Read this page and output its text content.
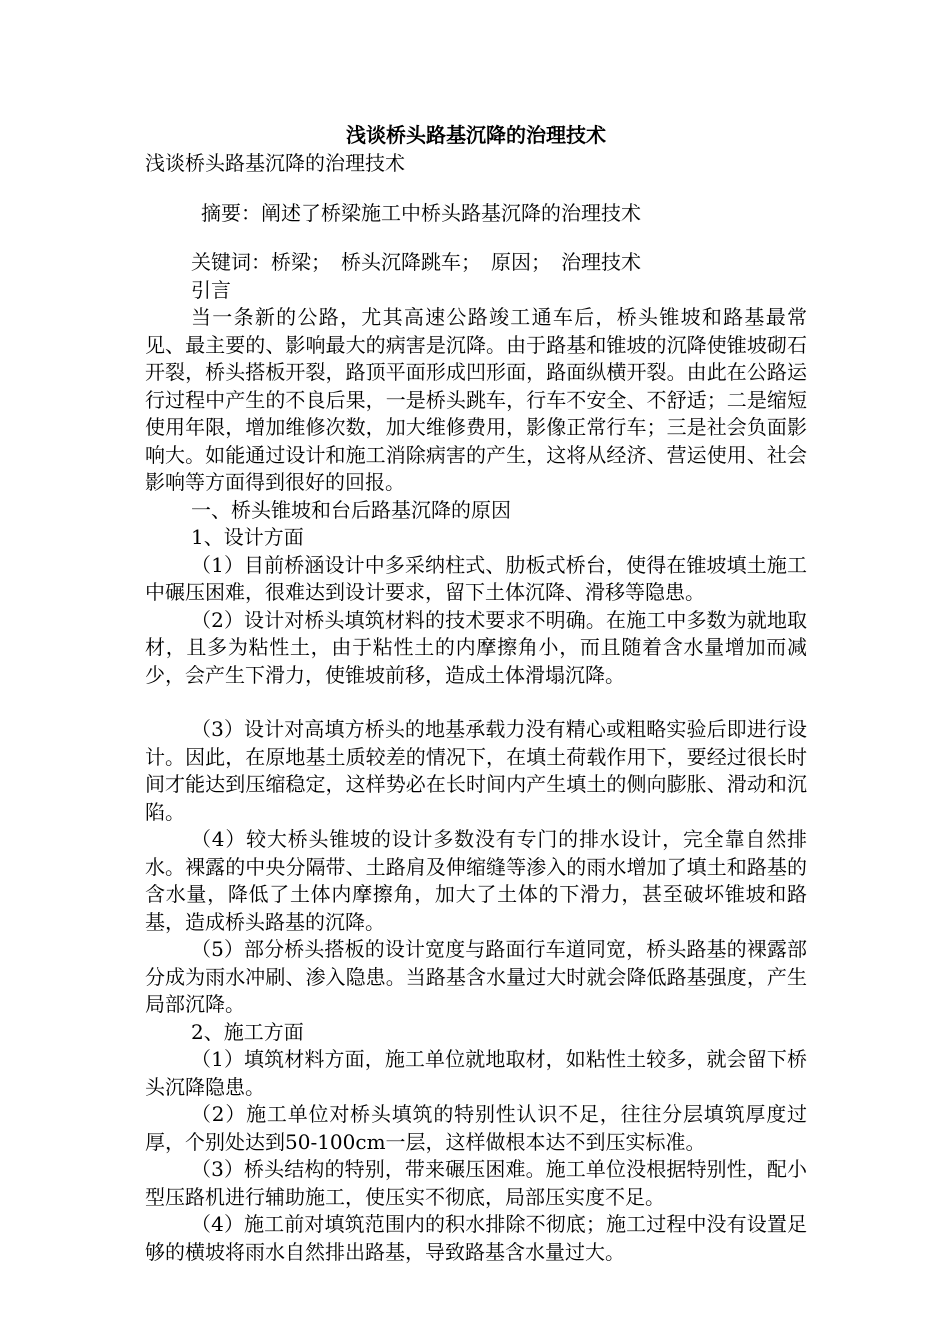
浅谈桥头路基沉降的治理技术

浅谈桥头路基沉降的治理技术

摘要：阐述了桥梁施工中桥头路基沉降的治理技术

关键词：桥梁；　桥头沉降跳车；　原因；　治理技术

引言

当一条新的公路，尤其高速公路竣工通车后，桥头锥坡和路基最常见、最主要的、影响最大的病害是沉降。由于路基和锥坡的沉降使锥坡砌石开裂，桥头搭板开裂，路顶平面形成凹形面，路面纵横开裂。由此在公路运行过程中产生的不良后果，一是桥头跳车，行车不安全、不舒适；二是缩短使用年限，增加维修次数，加大维修费用，影像正常行车；三是社会负面影响大。如能通过设计和施工消除病害的产生，这将从经济、营运使用、社会影响等方面得到很好的回报。

一、桥头锥坡和台后路基沉降的原因

1、设计方面

（1）目前桥涵设计中多采纳柱式、肋板式桥台，使得在锥坡填土施工中碾压困难，很难达到设计要求，留下土体沉降、滑移等隐患。

（2）设计对桥头填筑材料的技术要求不明确。在施工中多数为就地取材，且多为粘性土，由于粘性土的内摩擦角小，而且随着含水量增加而减少，会产生下滑力，使锥坡前移，造成土体滑塌沉降。

（3）设计对高填方桥头的地基承载力没有精心或粗略实验后即进行设计。因此，在原地基土质较差的情况下，在填土荷载作用下，要经过很长时间才能达到压缩稳定，这样势必在长时间内产生填土的侧向膨胀、滑动和沉陷。

（4）较大桥头锥坡的设计多数没有专门的排水设计，完全靠自然排水。裸露的中央分隔带、土路肩及伸缩缝等渗入的雨水增加了填土和路基的含水量，降低了土体内摩擦角，加大了土体的下滑力，甚至破坏锥坡和路基，造成桥头路基的沉降。

（5）部分桥头搭板的设计宽度与路面行车道同宽，桥头路基的裸露部分成为雨水冲刷、渗入隐患。当路基含水量过大时就会降低路基强度，产生局部沉降。

2、施工方面

（1）填筑材料方面，施工单位就地取材，如粘性土较多，就会留下桥头沉降隐患。

（2）施工单位对桥头填筑的特别性认识不足，往往分层填筑厚度过厚，个别处达到50-100cm一层，这样做根本达不到压实标准。

（3）桥头结构的特别，带来碾压困难。施工单位没根据特别性，配小型压路机进行辅助施工，使压实不彻底，局部压实度不足。

（4）施工前对填筑范围内的积水排除不彻底；施工过程中没有设置足够的横坡将雨水自然排出路基，导致路基含水量过大。
